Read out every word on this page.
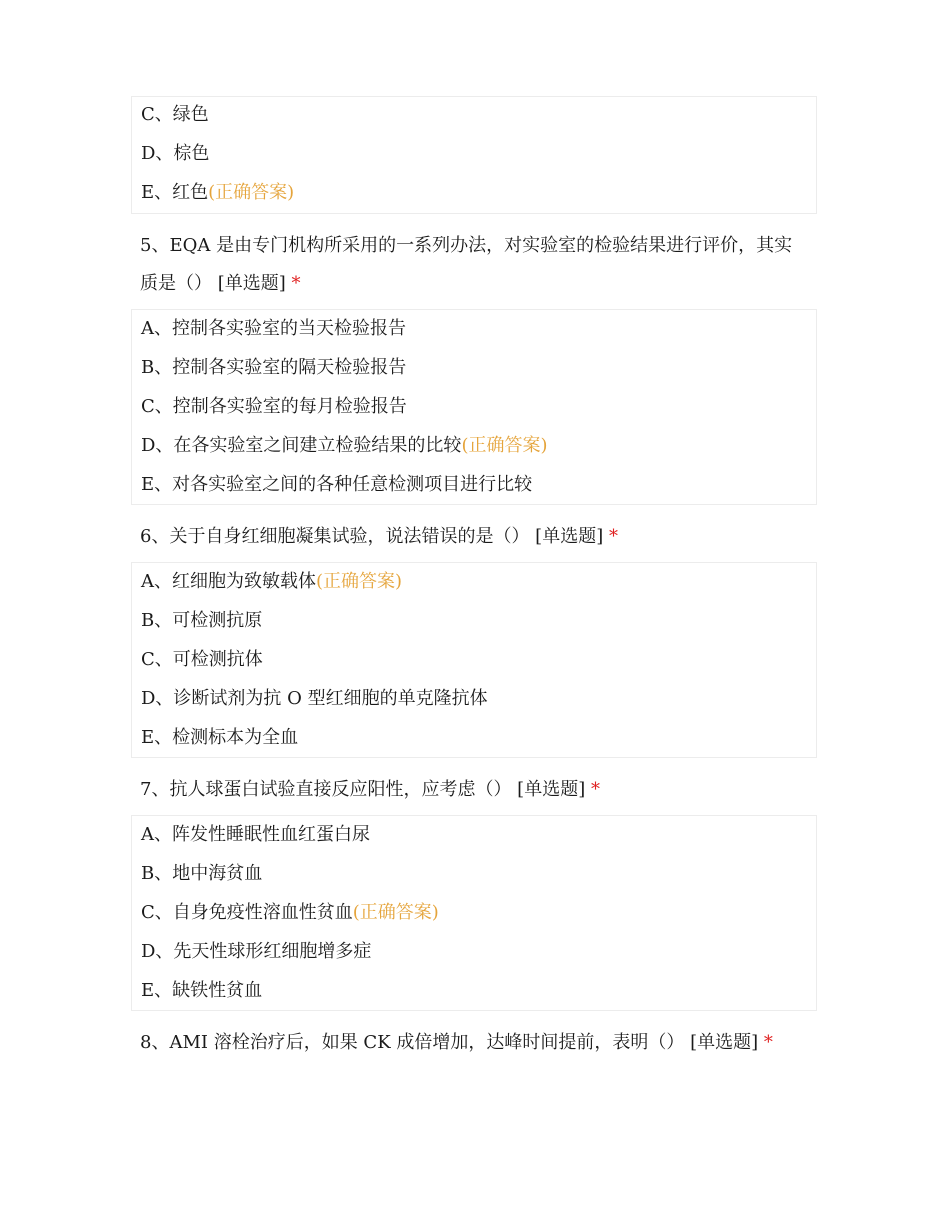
C、绿色
D、棕色
E、红色(正确答案)
5、EQA 是由专门机构所采用的一系列办法，对实验室的检验结果进行评价，其实
质是（） [单选题] *
A、控制各实验室的当天检验报告
B、控制各实验室的隔天检验报告
C、控制各实验室的每月检验报告
D、在各实验室之间建立检验结果的比较(正确答案)
E、对各实验室之间的各种任意检测项目进行比较
6、关于自身红细胞凝集试验，说法错误的是（） [单选题] *
A、红细胞为致敏载体(正确答案)
B、可检测抗原
C、可检测抗体
D、诊断试剂为抗 O 型红细胞的单克隆抗体
E、检测标本为全血
7、抗人球蛋白试验直接反应阳性，应考虑（） [单选题] *
A、阵发性睡眠性血红蛋白尿
B、地中海贫血
C、自身免疫性溶血性贫血(正确答案)
D、先天性球形红细胞增多症
E、缺铁性贫血
8、AMI 溶栓治疗后，如果 CK 成倍增加，达峰时间提前，表明（） [单选题] *
